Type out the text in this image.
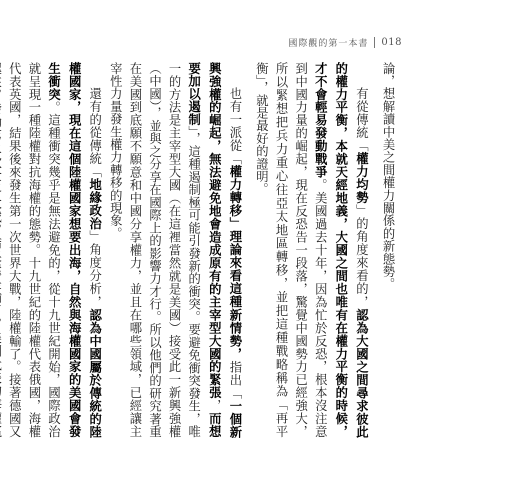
國際觀的第一本書 018

論，想解讀中美之間權力關係的新態勢。

有從傳統「權力均勢」的角度來看的，認為大國之間尋求彼此的權力平衡，本就天經地義，大國之間也唯有在權力平衡的時候，才不會輕易發動戰爭。美國過去十年，因為忙於反恐，根本沒注意到中國力量的崛起，現在反恐告一段落，驚覺中國勢力已經強大，所以緊想把兵力重心往亞太地區轉移，並把這種戰略稱為「再平衡」，就是最好的證明。

也有一派從「權力轉移」理論來看這種新情勢，指出「一個新興強權的崛起，無法避免地會造成原有的主宰型大國的緊張，而想要加以遏制」，這種遏制極可能引發新的衝突。要避免衝突發生，唯一的方法是主宰型大國（在這裡當然就是美國）接受此一新興強權（中國），並與之分享在國際上的影響力才行。所以他們的研究著重在美國到底願不願意和中國分享權力，並且在哪些領域，已經讓主宰性力量發生權力轉移的現象。

還有的從傳統「地緣政治」角度分析，認為中國屬於傳統的陸權國家，現在這個陸權國家想要出海，自然與海權國家的美國會發生衝突。這種衝突幾乎是無法避免的，從十九世紀開始，國際政治就呈現一種陸權對抗海權的態勢。十九世紀的陸權代表俄國，海權代表英國，結果後來發生第一次世界大戰，陸權輸了。接著德國又
